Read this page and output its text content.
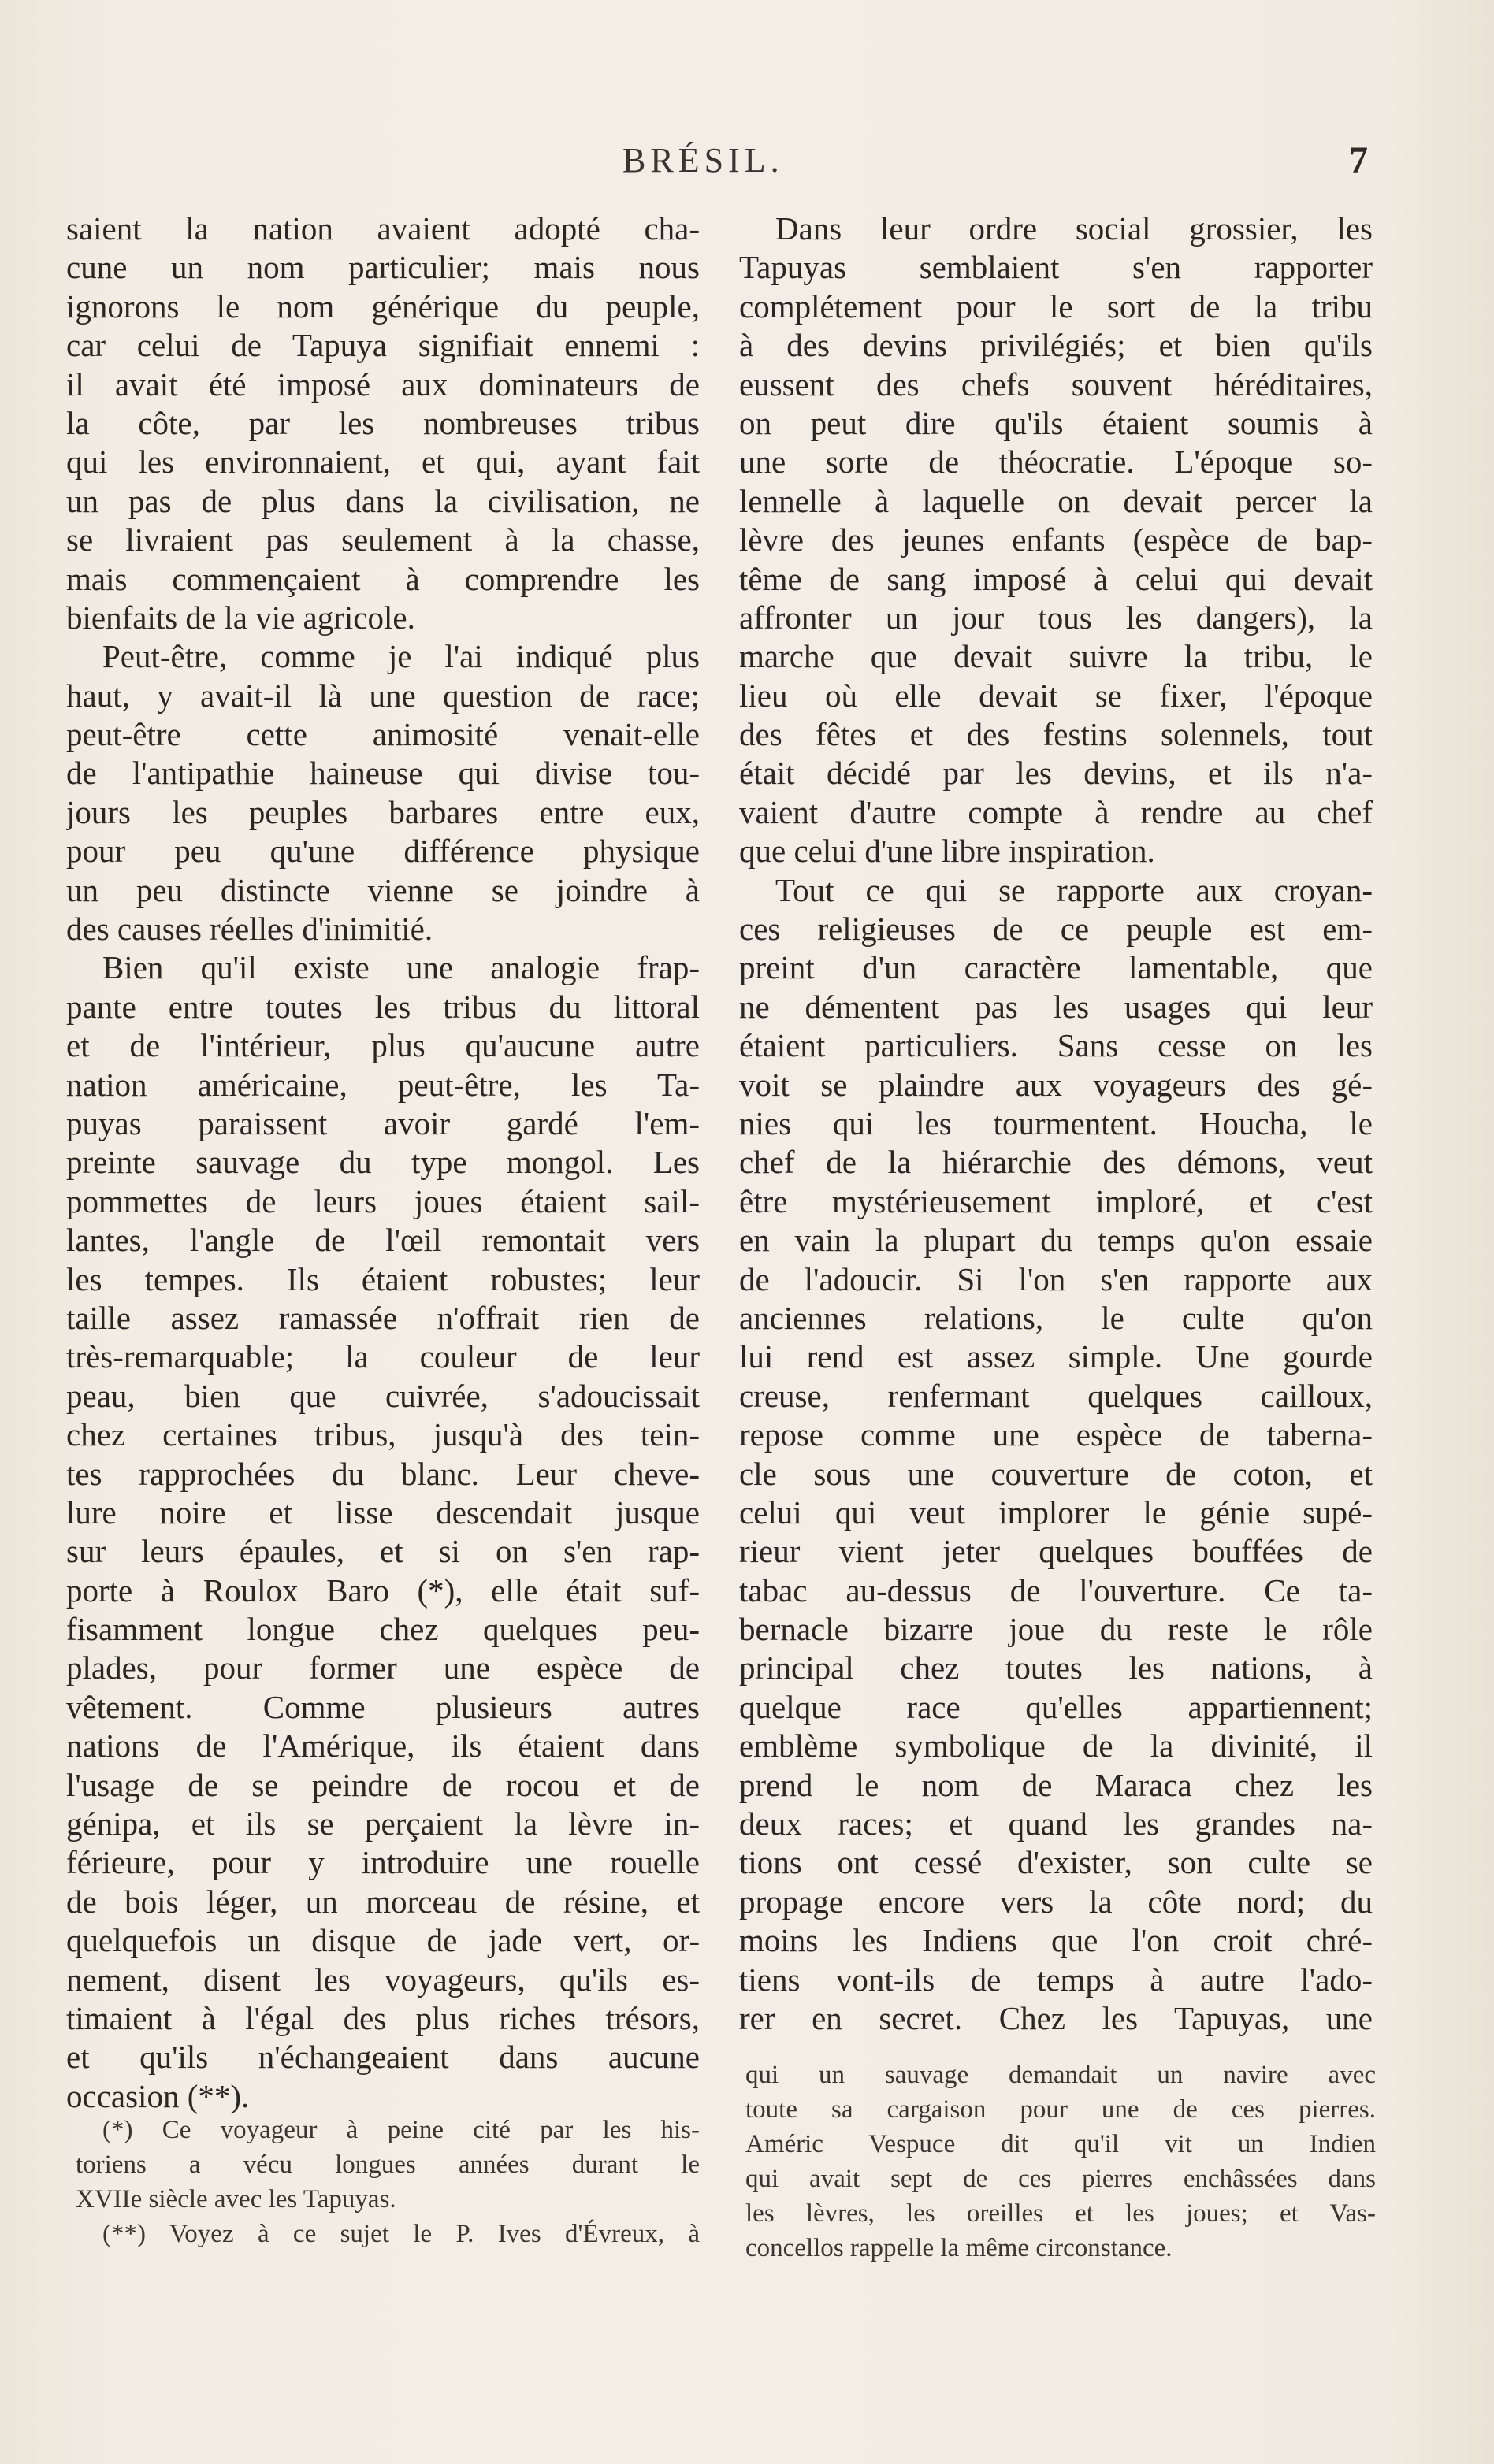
BRÉSIL.	7
saient la nation avaient adopté cha-
cune un nom particulier; mais nous
ignorons le nom générique du peuple,
car celui de Tapuya signifiait ennemi :
il avait été imposé aux dominateurs de
la côte, par les nombreuses tribus
qui les environnaient, et qui, ayant fait
un pas de plus dans la civilisation, ne
se livraient pas seulement à la chasse,
mais commençaient à comprendre les
bienfaits de la vie agricole.
Peut-être, comme je l'ai indiqué plus
haut, y avait-il là une question de race;
peut-être cette animosité venait-elle
de l'antipathie haineuse qui divise tou-
jours les peuples barbares entre eux,
pour peu qu'une différence physique
un peu distincte vienne se joindre à
des causes réelles d'inimitié.
Bien qu'il existe une analogie frap-
pante entre toutes les tribus du littoral
et de l'intérieur, plus qu'aucune autre
nation américaine, peut-être, les Ta-
puyas paraissent avoir gardé l'em-
preinte sauvage du type mongol. Les
pommettes de leurs joues étaient sail-
lantes, l'angle de l'œil remontait vers
les tempes. Ils étaient robustes; leur
taille assez ramassée n'offrait rien de
très-remarquable; la couleur de leur
peau, bien que cuivrée, s'adoucissait
chez certaines tribus, jusqu'à des tein-
tes rapprochées du blanc. Leur cheve-
lure noire et lisse descendait jusque
sur leurs épaules, et si on s'en rap-
porte à Roulox Baro (*), elle était suf-
fisamment longue chez quelques peu-
plades, pour former une espèce de
vêtement. Comme plusieurs autres
nations de l'Amérique, ils étaient dans
l'usage de se peindre de rocou et de
génipa, et ils se perçaient la lèvre in-
férieure, pour y introduire une rouelle
de bois léger, un morceau de résine, et
quelquefois un disque de jade vert, or-
nement, disent les voyageurs, qu'ils es-
timaient à l'égal des plus riches trésors,
et qu'ils n'échangeaient dans aucune
occasion (**).
Dans leur ordre social grossier, les
Tapuyas semblaient s'en rapporter
complétement pour le sort de la tribu
à des devins privilégiés; et bien qu'ils
eussent des chefs souvent héréditaires,
on peut dire qu'ils étaient soumis à
une sorte de théocratie. L'époque so-
lennelle à laquelle on devait percer la
lèvre des jeunes enfants (espèce de bap-
tême de sang imposé à celui qui devait
affronter un jour tous les dangers), la
marche que devait suivre la tribu, le
lieu où elle devait se fixer, l'époque
des fêtes et des festins solennels, tout
était décidé par les devins, et ils n'a-
vaient d'autre compte à rendre au chef
que celui d'une libre inspiration.
Tout ce qui se rapporte aux croyan-
ces religieuses de ce peuple est em-
preint d'un caractère lamentable, que
ne démentent pas les usages qui leur
étaient particuliers. Sans cesse on les
voit se plaindre aux voyageurs des gé-
nies qui les tourmentent. Houcha, le
chef de la hiérarchie des démons, veut
être mystérieusement imploré, et c'est
en vain la plupart du temps qu'on essaie
de l'adoucir. Si l'on s'en rapporte aux
anciennes relations, le culte qu'on
lui rend est assez simple. Une gourde
creuse, renfermant quelques cailloux,
repose comme une espèce de taberna-
cle sous une couverture de coton, et
celui qui veut implorer le génie supé-
rieur vient jeter quelques bouffées de
tabac au-dessus de l'ouverture. Ce ta-
bernacle bizarre joue du reste le rôle
principal chez toutes les nations, à
quelque race qu'elles appartiennent;
emblème symbolique de la divinité, il
prend le nom de Maraca chez les
deux races; et quand les grandes na-
tions ont cessé d'exister, son culte se
propage encore vers la côte nord; du
moins les Indiens que l'on croit chré-
tiens vont-ils de temps à autre l'ado-
rer en secret. Chez les Tapuyas, une
(*) Ce voyageur à peine cité par les his-
toriens a vécu longues années durant le
XVIIe siècle avec les Tapuyas.
(**) Voyez à ce sujet le P. Ives d'Évreux, à
qui un sauvage demandait un navire avec
toute sa cargaison pour une de ces pierres.
Améric Vespuce dit qu'il vit un Indien
qui avait sept de ces pierres enchâssées dans
les lèvres, les oreilles et les joues; et Vas-
concellos rappelle la même circonstance.
